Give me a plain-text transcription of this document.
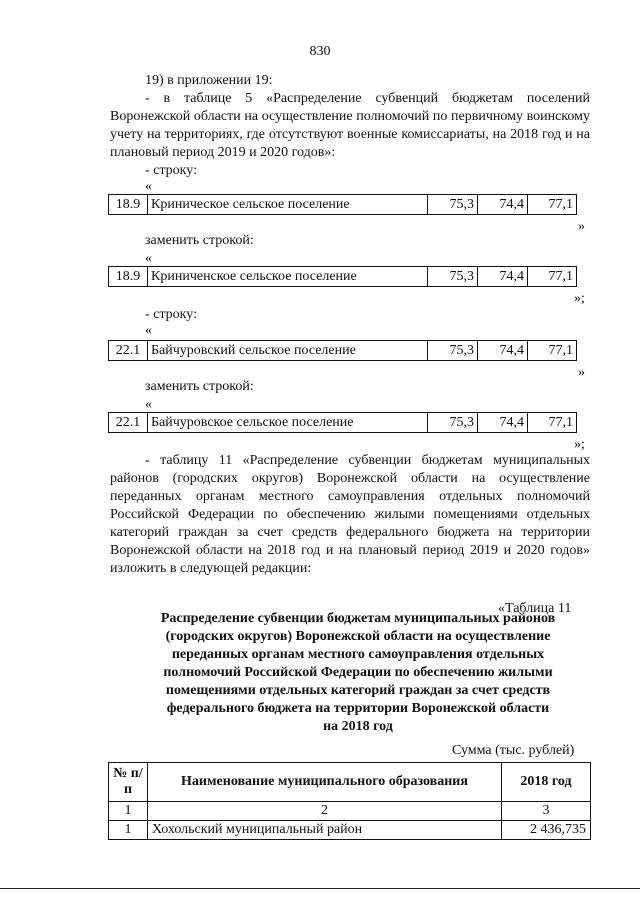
830
19) в приложении 19:
- в таблице 5 «Распределение субвенций бюджетам поселений Воронежской области на осуществление полномочий по первичному воинскому учету на территориях, где отсутствуют военные комиссариаты, на 2018 год и на плановый период 2019 и 2020 годов»:
- строку:
«
18.9	Криническое сельское поселение	75,3	74,4	77,1
»
заменить строкой:
«
18.9	Криниченское сельское поселение	75,3	74,4	77,1
»;
- строку:
«
22.1	Байчуровский сельское поселение	75,3	74,4	77,1
»
заменить строкой:
«
22.1	Байчуровское сельское поселение	75,3	74,4	77,1
»;
- таблицу 11 «Распределение субвенции бюджетам муниципальных районов (городских округов) Воронежской области на осуществление переданных органам местного самоуправления отдельных полномочий Российской Федерации по обеспечению жилыми помещениями отдельных категорий граждан за счет средств федерального бюджета на территории Воронежской области на 2018 год и на плановый период 2019 и 2020 годов» изложить в следующей редакции:
«Таблица 11
Распределение субвенции бюджетам муниципальных районов
(городских округов) Воронежской области на осуществление
переданных органам местного самоуправления отдельных
полномочий Российской Федерации по обеспечению жилыми
помещениями отдельных категорий граждан за счет средств
федерального бюджета на территории Воронежской области
на 2018 год
Сумма (тыс. рублей)
№ п/п	Наименование муниципального образования	2018 год
1	2	3
1	Хохольский муниципальный район	2 436,735
